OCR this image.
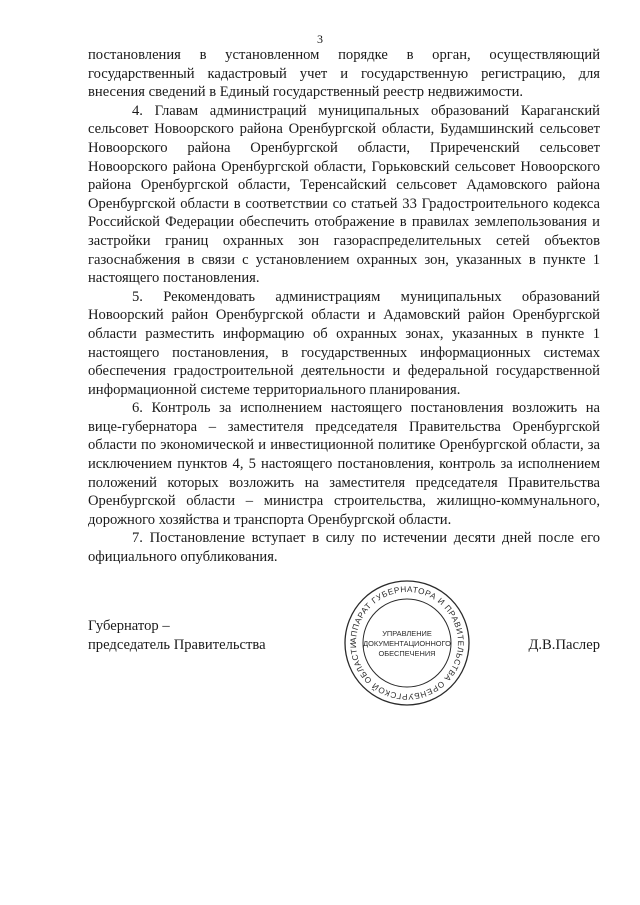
3

постановления в установленном порядке в орган, осуществляющий государственный кадастровый учет и государственную регистрацию, для внесения сведений в Единый государственный реестр недвижимости.

4. Главам администраций муниципальных образований Караганский сельсовет Новоорского района Оренбургской области, Будамшинский сельсовет Новоорского района Оренбургской области, Приреченский сельсовет Новоорского района Оренбургской области, Горьковский сельсовет Новоорского района Оренбургской области, Теренсайский сельсовет Адамовского района Оренбургской области в соответствии со статьей 33 Градостроительного кодекса Российской Федерации обеспечить отображение в правилах землепользования и застройки границ охранных зон газораспределительных сетей объектов газоснабжения в связи с установлением охранных зон, указанных в пункте 1 настоящего постановления.

5. Рекомендовать администрациям муниципальных образований Новоорский район Оренбургской области и Адамовский район Оренбургской области разместить информацию об охранных зонах, указанных в пункте 1 настоящего постановления, в государственных информационных системах обеспечения градостроительной деятельности и федеральной государственной информационной системе территориального планирования.

6. Контроль за исполнением настоящего постановления возложить на вице-губернатора – заместителя председателя Правительства Оренбургской области по экономической и инвестиционной политике Оренбургской области, за исключением пунктов 4, 5 настоящего постановления, контроль за исполнением положений которых возложить на заместителя председателя Правительства Оренбургской области – министра строительства, жилищно-коммунального, дорожного хозяйства и транспорта Оренбургской области.

7. Постановление вступает в силу по истечении десяти дней после его официального опубликования.

Губернатор –
председатель Правительства	АППАРАТ ГУБЕРНАТОРА И ПРАВИТЕЛЬСТВА ОРЕНБУРГСКОЙ ОБЛАСТИ
УПРАВЛЕНИЕ
ДОКУМЕНТАЦИОННОГО
ОБЕСПЕЧЕНИЯ
Д.В.Паслер
